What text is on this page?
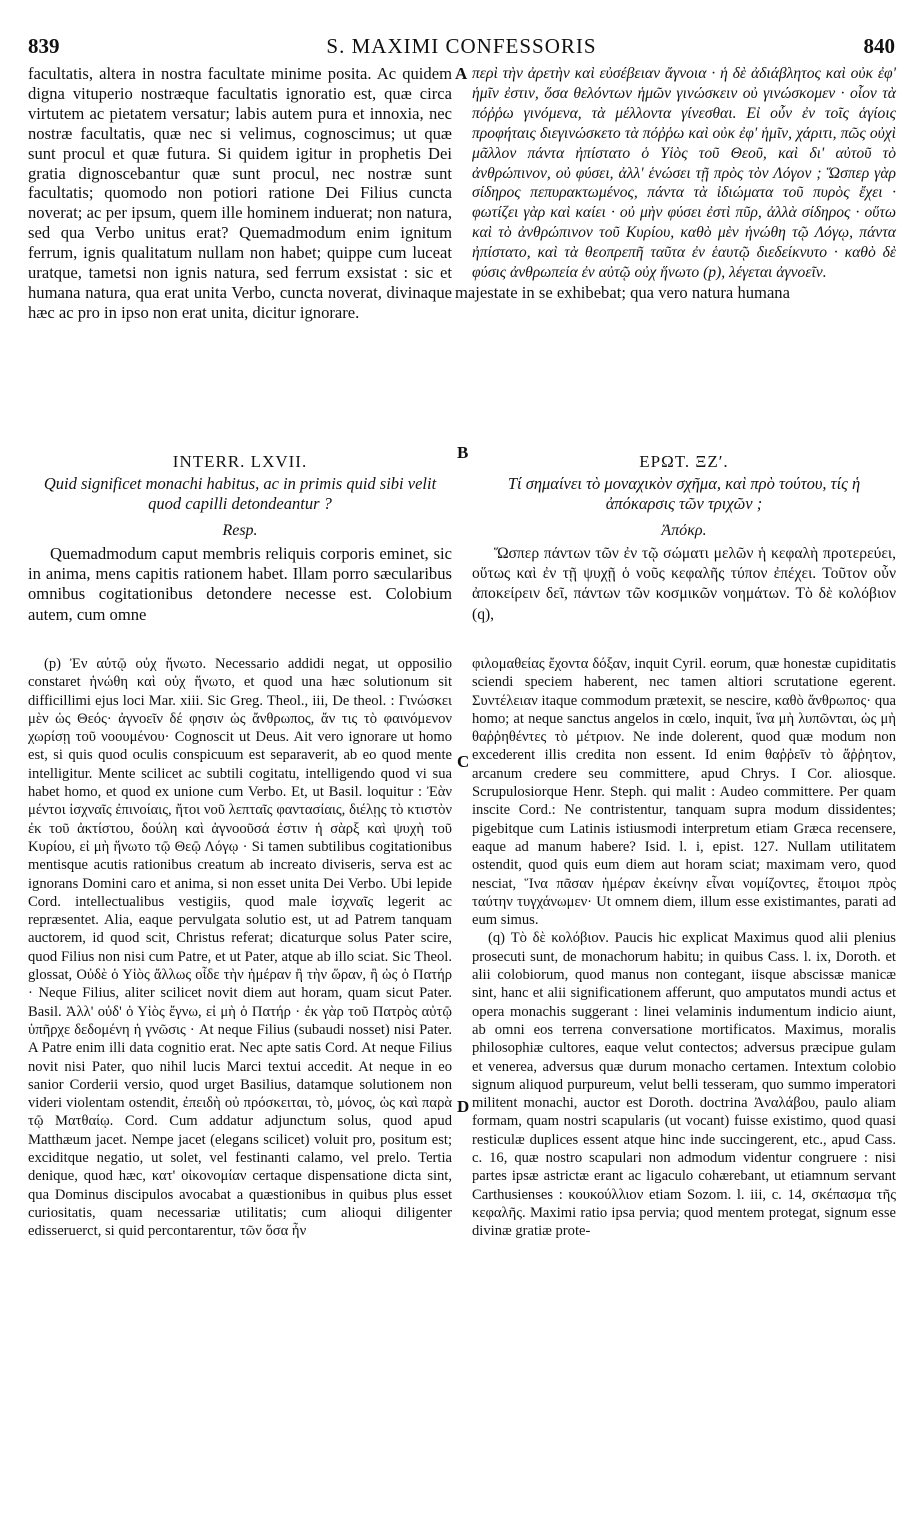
839	S. MAXIMI CONFESSORIS	840
A
B
C
D

facultatis, altera in nostra facultate minime posita. Ac quidem digna vituperio nostræque facultatis ignoratio est, quæ circa virtutem ac pietatem versatur; labis autem pura et innoxia, nec nostræ facultatis, quæ nec si velimus, cognoscimus; ut quæ sunt procul et quæ futura. Si quidem igitur in prophetis Dei gratia dignoscebantur quæ sunt procul, nec nostræ sunt facultatis; quomodo non potiori ratione Dei Filius cuncta noverat; ac per ipsum, quem ille hominem induerat; non natura, sed qua Verbo unitus erat? Quemadmodum enim ignitum ferrum, ignis qualitatum nullam non habet; quippe cum luceat uratque, tametsi non ignis natura, sed ferrum exsistat : sic et humana natura, qua erat unita Verbo, cuncta noverat, divinaque hæc ac pro in ipso non erat unita, dicitur ignorare.

περὶ τὴν ἀρετὴν καὶ εὐσέβειαν ἄγνοια · ἡ δὲ ἀδιάβλητος καὶ οὐκ ἐφ' ἡμῖν ἐστιν, ὅσα θελόντων ἡμῶν γινώσκειν οὐ γινώσκομεν · οἷον τὰ πόῤῥω γινόμενα, τὰ μέλλοντα γίνεσθαι. Εἰ οὖν ἐν τοῖς ἁγίοις προφήταις διεγινώσκετο τὰ πόῤῥω καὶ οὐκ ἐφ' ἡμῖν, χάριτι, πῶς οὐχὶ μᾶλλον πάντα ἠπίστατο ὁ Υἱὸς τοῦ Θεοῦ, καὶ δι' αὐτοῦ τὸ ἀνθρώπινον, οὐ φύσει, ἀλλ' ἑνώσει τῇ πρὸς τὸν Λόγον ; Ὥσπερ γὰρ σίδηρος πεπυρακτωμένος, πάντα τὰ ἰδιώματα τοῦ πυρὸς ἔχει · φωτίζει γὰρ καὶ καίει · οὐ μὴν φύσει ἐστὶ πῦρ, ἀλλὰ σίδηρος · οὕτω καὶ τὸ ἀνθρώπινον τοῦ Κυρίου, καθὸ μὲν ἡνώθη τῷ Λόγῳ, πάντα ἠπίστατο, καὶ τὰ θεοπρεπῆ ταῦτα ἐν ἑαυτῷ διεδείκνυτο · καθὸ δὲ φύσις ἀνθρωπεία ἐν αὐτῷ οὐχ ἥνωτο (p), λέγεται ἀγνοεῖν.

majestate in se exhibebat; qua vero natura humana

INTERR. LXVII.

Quid significet monachi habitus, ac in primis quid sibi velit quod capilli detondeantur ?

Resp.

Quemadmodum caput membris reliquis corporis eminet, sic in anima, mens capitis rationem habet. Illam porro sæcularibus omnibus cogitationibus detondere necesse est. Colobium autem, cum omne

ΕΡΩΤ. ΞΖʹ.

Τί σημαίνει τὸ μοναχικὸν σχῆμα, καὶ πρὸ τούτου, τίς ἡ ἀπόκαρσις τῶν τριχῶν ;

Ἀπόκρ.

Ὥσπερ πάντων τῶν ἐν τῷ σώματι μελῶν ἡ κεφαλὴ προτερεύει, οὕτως καὶ ἐν τῇ ψυχῇ ὁ νοῦς κεφαλῆς τύπον ἐπέχει. Τοῦτον οὖν ἀποκείρειν δεῖ, πάντων τῶν κοσμικῶν νοημάτων. Τὸ δὲ κολόβιον (q),

(p) Ἐν αὐτῷ οὐχ ἥνωτο. Necessario addidi negat, ut opposilio constaret ἡνώθη καὶ οὐχ ἥνωτο, et quod una hæc solutionum sit difficillimi ejus loci Mar. xiii. Sic Greg. Theol., iii, De theol. : Γινώσκει μὲν ὡς Θεός· ἀγνοεῖν δέ φησιν ὡς ἄνθρωπος, ἄν τις τὸ φαινόμενον χωρίσῃ τοῦ νοουμένου· Cognoscit ut Deus. Ait vero ignorare ut homo est, si quis quod oculis conspicuum est separaverit, ab eo quod mente intelligitur. Mente scilicet ac subtili cogitatu, intelligendo quod vi sua habet homo, et quod ex unione cum Verbo. Et, ut Basil. loquitur : Ἐὰν μέντοι ἰσχναῖς ἐπινοίαις, ἤτοι νοῦ λεπταῖς φαντασίαις, διέλῃς τὸ κτιστὸν ἐκ τοῦ ἀκτίστου, δούλη καὶ ἀγνοοῦσά ἐστιν ἡ σὰρξ καὶ ψυχὴ τοῦ Κυρίου, εἰ μὴ ἥνωτο τῷ Θεῷ Λόγῳ · Si tamen subtilibus cogitationibus mentisque acutis rationibus creatum ab increato diviseris, serva est ac ignorans Domini caro et anima, si non esset unita Dei Verbo. Ubi lepide Cord. intellectualibus vestigiis, quod male ἰσχναῖς legerit ac repræsentet. Alia, eaque pervulgata solutio est, ut ad Patrem tanquam auctorem, id quod scit, Christus referat; dicaturque solus Pater scire, quod Filius non nisi cum Patre, et ut Pater, atque ab illo sciat. Sic Theol. glossat, Οὐδὲ ὁ Υἱὸς ἄλλως οἶδε τὴν ἡμέραν ἢ τὴν ὥραν, ἢ ὡς ὁ Πατήρ · Neque Filius, aliter scilicet novit diem aut horam, quam sicut Pater. Basil. Ἀλλ' οὐδ' ὁ Υἱὸς ἔγνω, εἰ μὴ ὁ Πατήρ · ἐκ γὰρ τοῦ Πατρὸς αὐτῷ ὑπῆρχε δεδομένη ἡ γνῶσις · At neque Filius (subaudi nosset) nisi Pater. A Patre enim illi data cognitio erat. Nec apte satis Cord. At neque Filius novit nisi Pater, quo nihil lucis Marci textui accedit. At neque in eo sanior Corderii versio, quod urget Basilius, datamque solutionem non videri violentam ostendit, ἐπειδὴ οὐ πρόσκειται, τὸ, μόνος, ὡς καὶ παρὰ τῷ Ματθαίῳ. Cord. Cum addatur adjunctum solus, quod apud Matthæum jacet. Nempe jacet (elegans scilicet) voluit pro, positum est; exciditque negatio, ut solet, vel festinanti calamo, vel prelo. Tertia denique, quod hæc, κατ' οἰκονομίαν certaque dispensatione dicta sint, qua Dominus discipulos avocabat a quæstionibus in quibus plus esset curiositatis, quam necessariæ utilitatis; cum alioqui diligenter edisseruerct, si quid percontarentur, τῶν ὅσα ἦν

φιλομαθείας ἔχοντα δόξαν, inquit Cyril. eorum, quæ honestæ cupiditatis sciendi speciem haberent, nec tamen altiori scrutatione egerent. Συντέλειαν itaque commodum prætexit, se nescire, καθὸ ἄνθρωπος· qua homo; at neque sanctus angelos in cœlo, inquit, ἵνα μὴ λυπῶνται, ὡς μὴ θαῤῥηθέντες τὸ μέτριον. Ne inde dolerent, quod quæ modum non excederent illis credita non essent. Id enim θαῤῥεῖν τὸ ἄῤῥητον, arcanum credere seu committere, apud Chrys. I Cor. aliosque. Scrupulosiorque Henr. Steph. qui malit : Audeo committere. Per quam inscite Cord.: Ne contristentur, tanquam supra modum dissidentes; pigebitque cum Latinis istiusmodi interpretum etiam Græca recensere, eaque ad manum habere? Isid. l. i, epist. 127. Nullam utilitatem ostendit, quod quis eum diem aut horam sciat; maximam vero, quod nesciat, Ἵνα πᾶσαν ἡμέραν ἐκείνην εἶναι νομίζοντες, ἕτοιμοι πρὸς ταύτην τυγχάνωμεν· Ut omnem diem, illum esse existimantes, parati ad eum simus.

(q) Τὸ δὲ κολόβιον. Paucis hic explicat Maximus quod alii plenius prosecuti sunt, de monachorum habitu; in quibus Cass. l. ix, Doroth. et alii colobiorum, quod manus non contegant, iisque abscissæ manicæ sint, hanc et alii significationem afferunt, quo amputatos mundi actus et opera monachis suggerant : linei velaminis indumentum indicio aiunt, ab omni eos terrena conversatione mortificatos. Maximus, moralis philosophiæ cultores, eaque velut contectos; adversus præcipue gulam et venerea, adversus quæ durum monacho certamen. Intextum colobio signum aliquod purpureum, velut belli tesseram, quo summo imperatori militent monachi, auctor est Doroth. doctrina Ἀναλάβου, paulo aliam formam, quam nostri scapularis (ut vocant) fuisse existimo, quod quasi resticulæ duplices essent atque hinc inde succingerent, etc., apud Cass. c. 16, quæ nostro scapulari non admodum videntur congruere : nisi partes ipsæ astrictæ erant ac ligaculo cohærebant, ut etiamnum servant Carthusienses : κουκούλλιον etiam Sozom. l. iii, c. 14, σκέπασμα τῆς κεφαλῆς. Maximi ratio ipsa pervia; quod mentem protegat, signum esse divinæ gratiæ prote-
